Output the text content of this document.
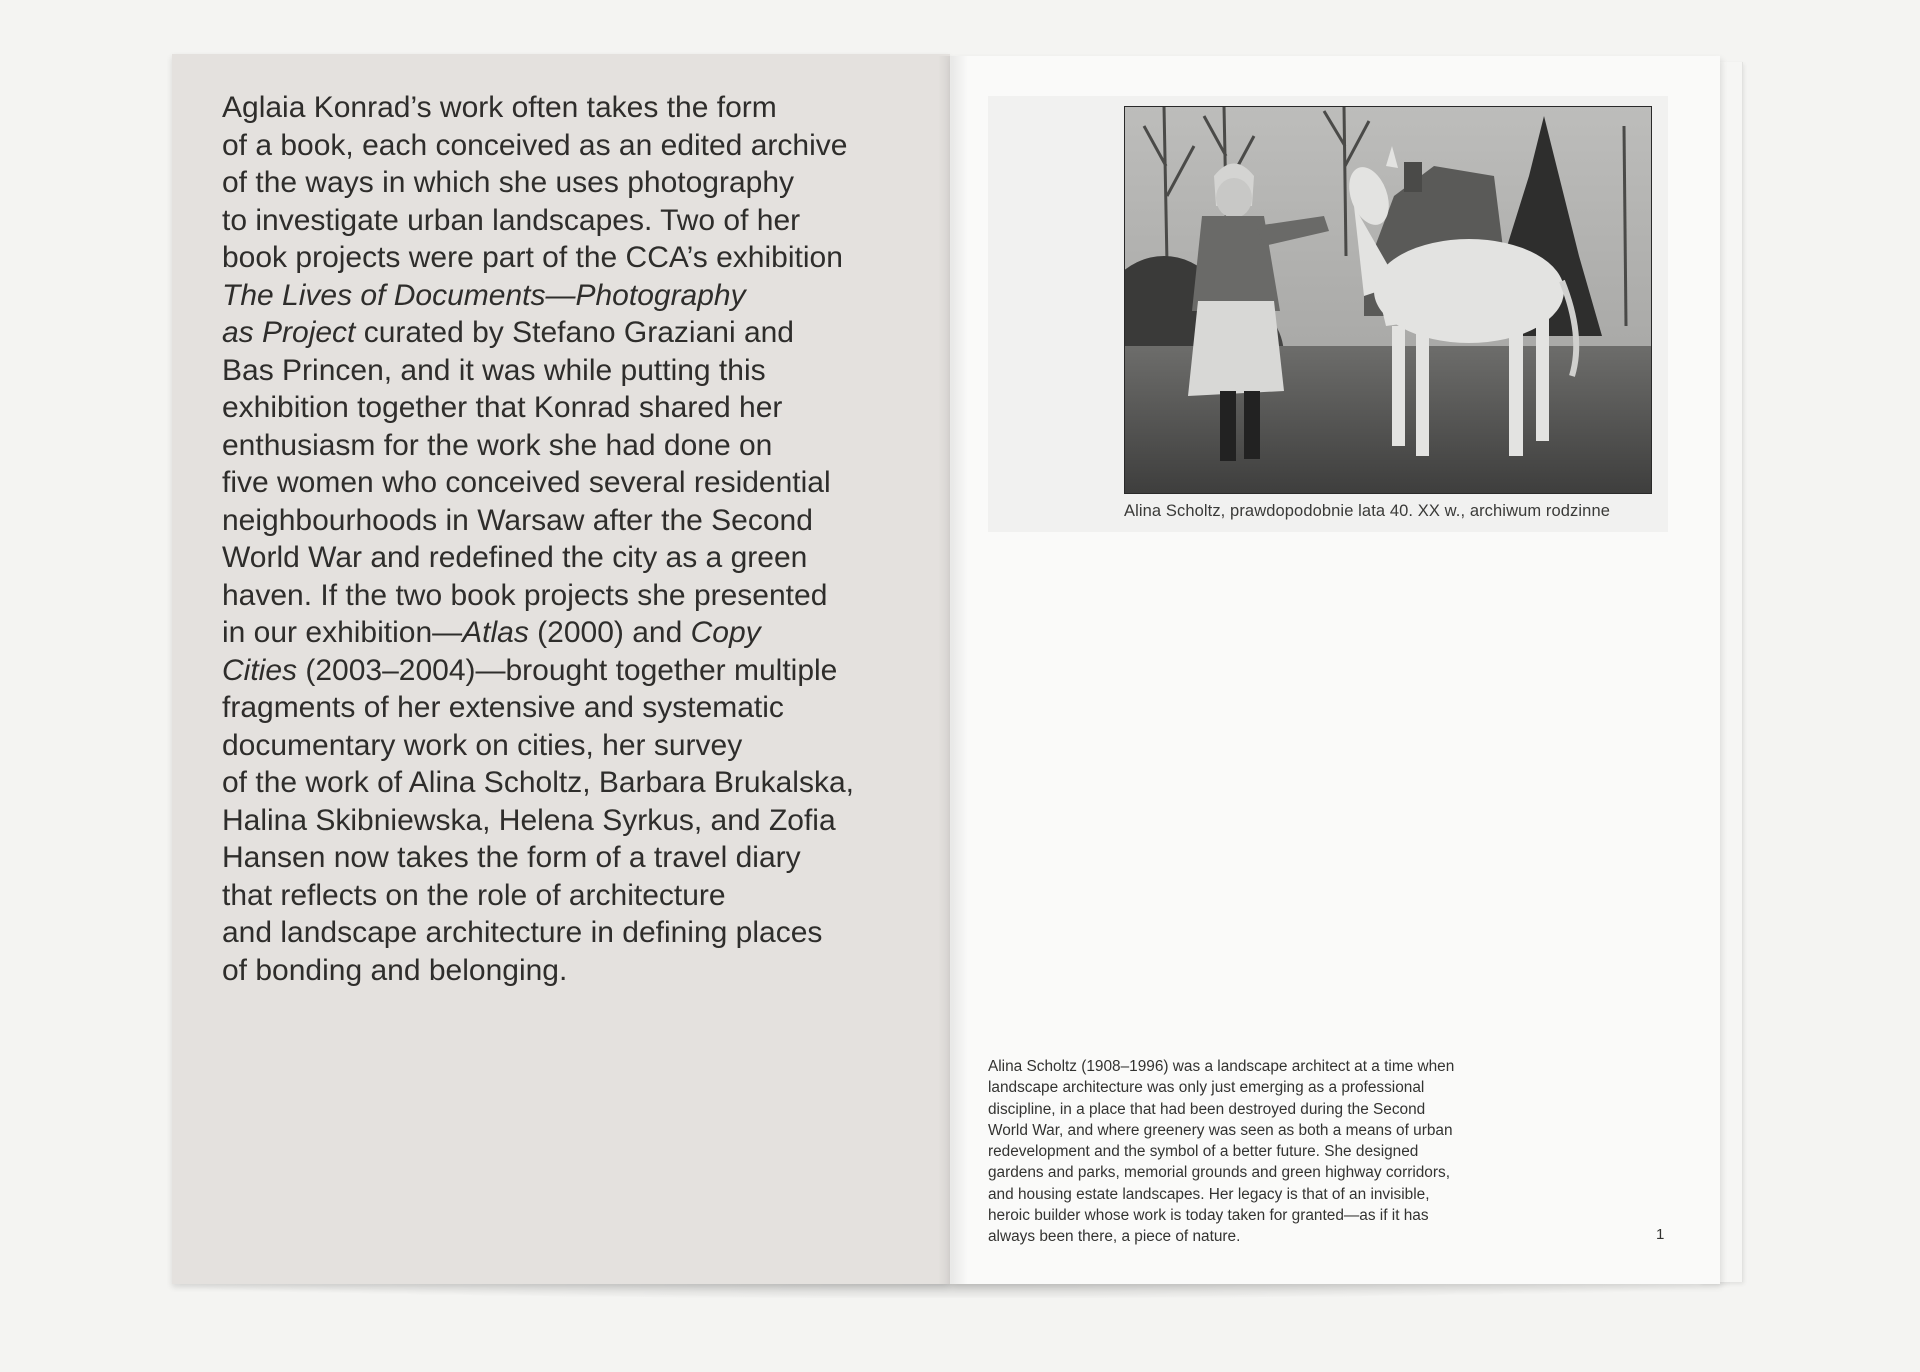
Aglaia Konrad’s work often takes the form
of a book, each conceived as an edited archive
of the ways in which she uses photography
to investigate urban landscapes. Two of her
book projects were part of the CCA’s exhibition
The Lives of Documents—Photography
as Project curated by Stefano Graziani and
Bas Princen, and it was while putting this
exhibition together that Konrad shared her
enthusiasm for the work she had done on
five women who conceived several residential
neighbourhoods in Warsaw after the Second
World War and redefined the city as a green
haven. If the two book projects she presented
in our exhibition—Atlas (2000) and Copy
Cities (2003–2004)—brought together multiple
fragments of her extensive and systematic
documentary work on cities, her survey
of the work of Alina Scholtz, Barbara Brukalska,
Halina Skibniewska, Helena Syrkus, and Zofia
Hansen now takes the form of a travel diary
that reflects on the role of architecture
and landscape architecture in defining places
of bonding and belonging.

Alina Scholtz, prawdopodobnie lata 40. XX w., archiwum rodzinne

Alina Scholtz (1908–1996) was a landscape architect at a time when
landscape architecture was only just emerging as a professional
discipline, in a place that had been destroyed during the Second
World War, and where greenery was seen as both a means of urban
redevelopment and the symbol of a better future. She designed
gardens and parks, memorial grounds and green highway corridors,
and housing estate landscapes. Her legacy is that of an invisible,
heroic builder whose work is today taken for granted—as if it has
always been there, a piece of nature.	1
